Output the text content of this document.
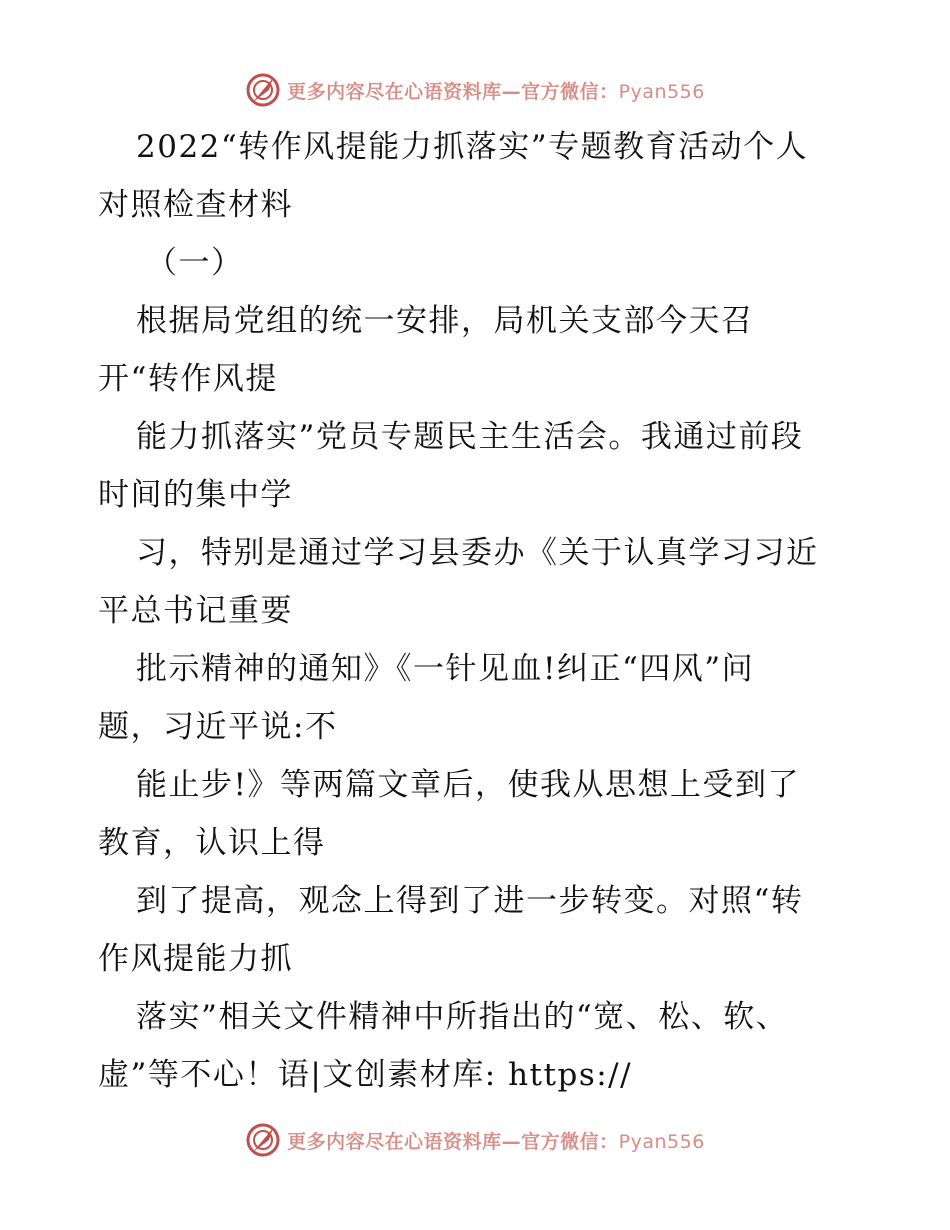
更多内容尽在心语资料库—官方微信：Pyan556
2022“转作风提能力抓落实”专题教育活动个人
对照检查材料
（一）
根据局党组的统一安排，局机关支部今天召
开“转作风提
能力抓落实”党员专题民主生活会。我通过前段
时间的集中学
习，特别是通过学习县委办《关于认真学习习近
平总书记重要
批示精神的通知》《一针见血!纠正“四风”问
题，习近平说:不
能止步!》等两篇文章后，使我从思想上受到了
教育，认识上得
到了提高，观念上得到了进一步转变。对照“转
作风提能力抓
落实”相关文件精神中所指出的“宽、松、软、
虚”等不心！语|文创素材库: https://
更多内容尽在心语资料库—官方微信：Pyan556
